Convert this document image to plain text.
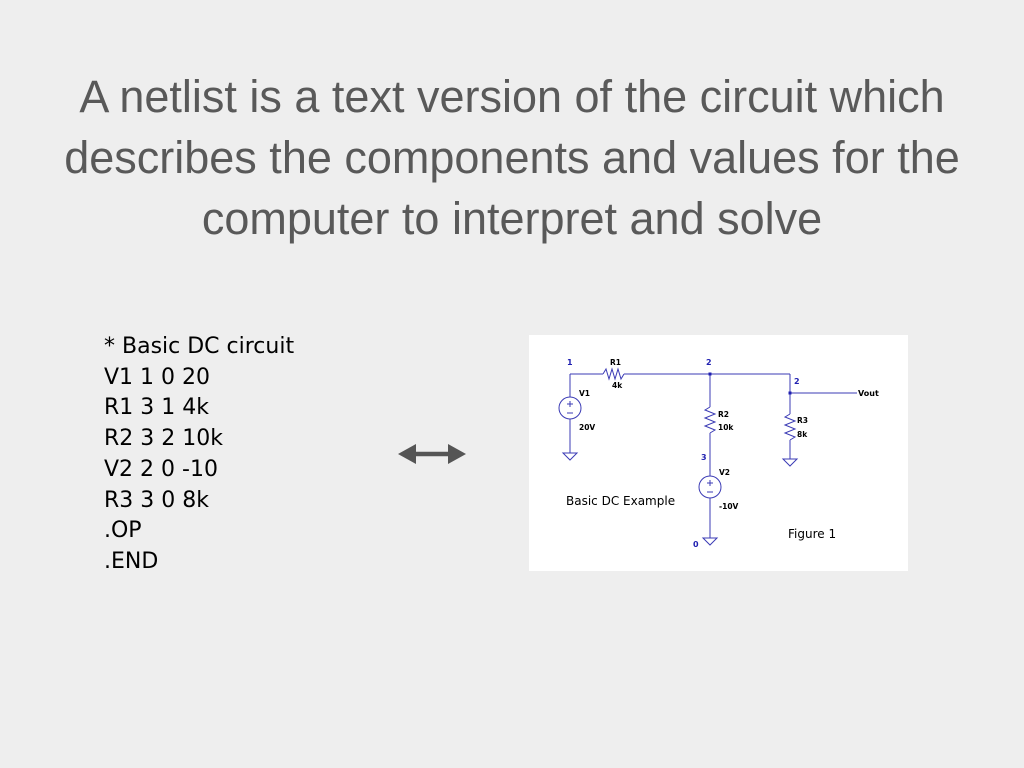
A netlist is a text version of the circuit which describes the components and values for the computer to interpret and solve
* Basic DC circuit
V1 1 0 20
R1 3 1 4k
R2 3 2 10k
V2 2 0 -10
R3 3 0 8k
.OP
.END
1	2
2
3
0
R1
4k
V1
20V
R2
10k
V2
-10V
R3
8k
Vout
Basic DC Example
Figure 1
